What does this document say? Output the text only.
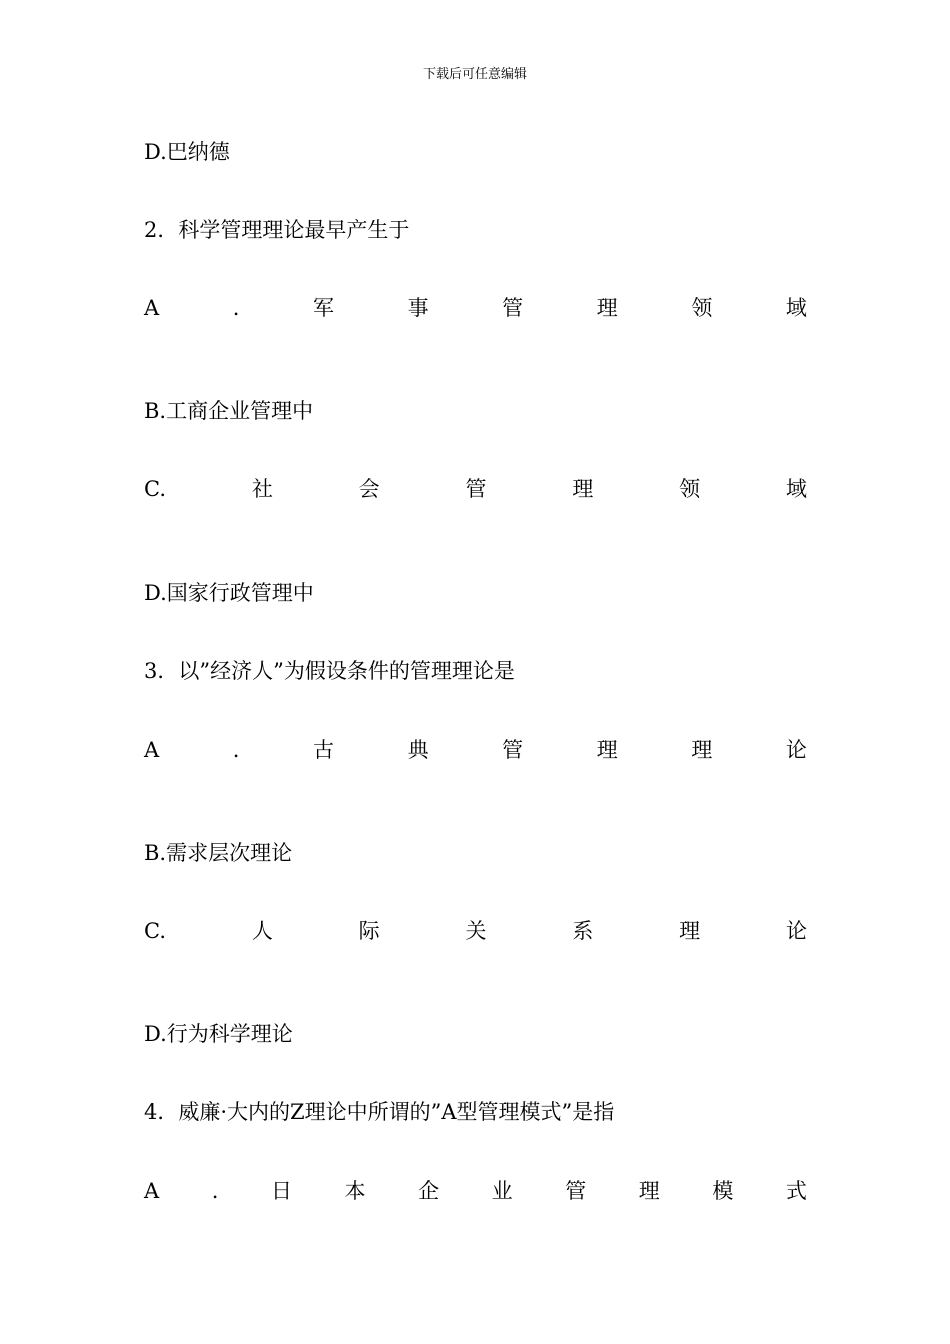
下载后可任意编辑
D.巴纳德
2．科学管理理论最早产生于
A	.	军	事	管	理	领	域
B.工商企业管理中
C.	社	会	管	理	领	域
D.国家行政管理中
3．以”经济人”为假设条件的管理理论是
A	.	古	典	管	理	理	论
B.需求层次理论
C.	人	际	关	系	理	论
D.行为科学理论
4．威廉·大内的Z理论中所谓的”A型管理模式”是指
A	.	日	本	企	业	管	理	模	式
